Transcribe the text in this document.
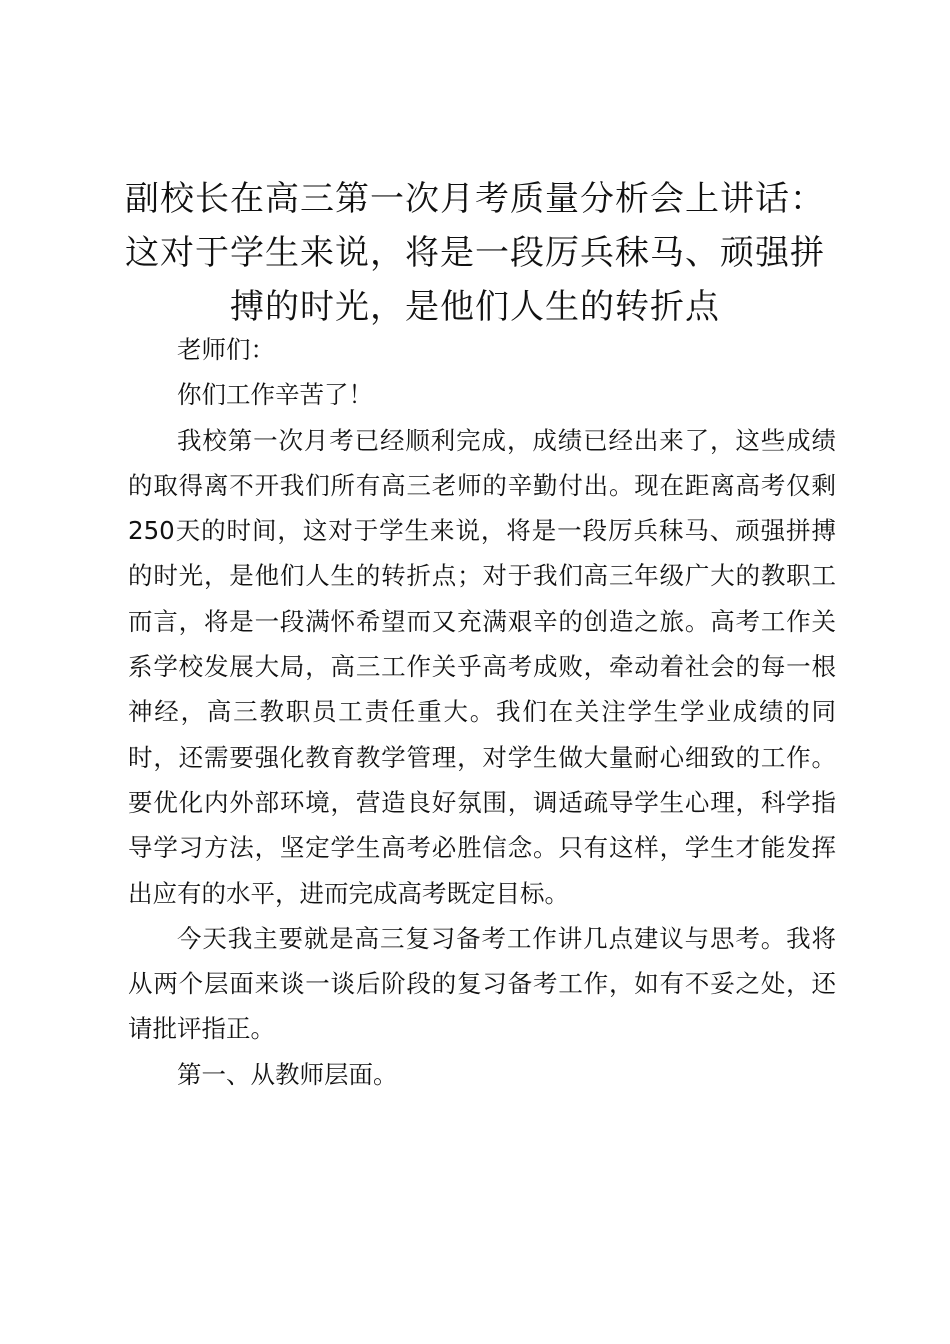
副校长在高三第一次月考质量分析会上讲话：这对于学生来说，将是一段厉兵秣马、顽强拼搏的时光，是他们人生的转折点

老师们：

你们工作辛苦了！

我校第一次月考已经顺利完成，成绩已经出来了，这些成绩的取得离不开我们所有高三老师的辛勤付出。现在距离高考仅剩250天的时间，这对于学生来说，将是一段厉兵秣马、顽强拼搏的时光，是他们人生的转折点；对于我们高三年级广大的教职工而言，将是一段满怀希望而又充满艰辛的创造之旅。高考工作关系学校发展大局，高三工作关乎高考成败，牵动着社会的每一根神经，高三教职员工责任重大。我们在关注学生学业成绩的同时，还需要强化教育教学管理，对学生做大量耐心细致的工作。要优化内外部环境，营造良好氛围，调适疏导学生心理，科学指导学习方法，坚定学生高考必胜信念。只有这样，学生才能发挥出应有的水平，进而完成高考既定目标。

今天我主要就是高三复习备考工作讲几点建议与思考。我将从两个层面来谈一谈后阶段的复习备考工作，如有不妥之处，还请批评指正。

第一、从教师层面。
